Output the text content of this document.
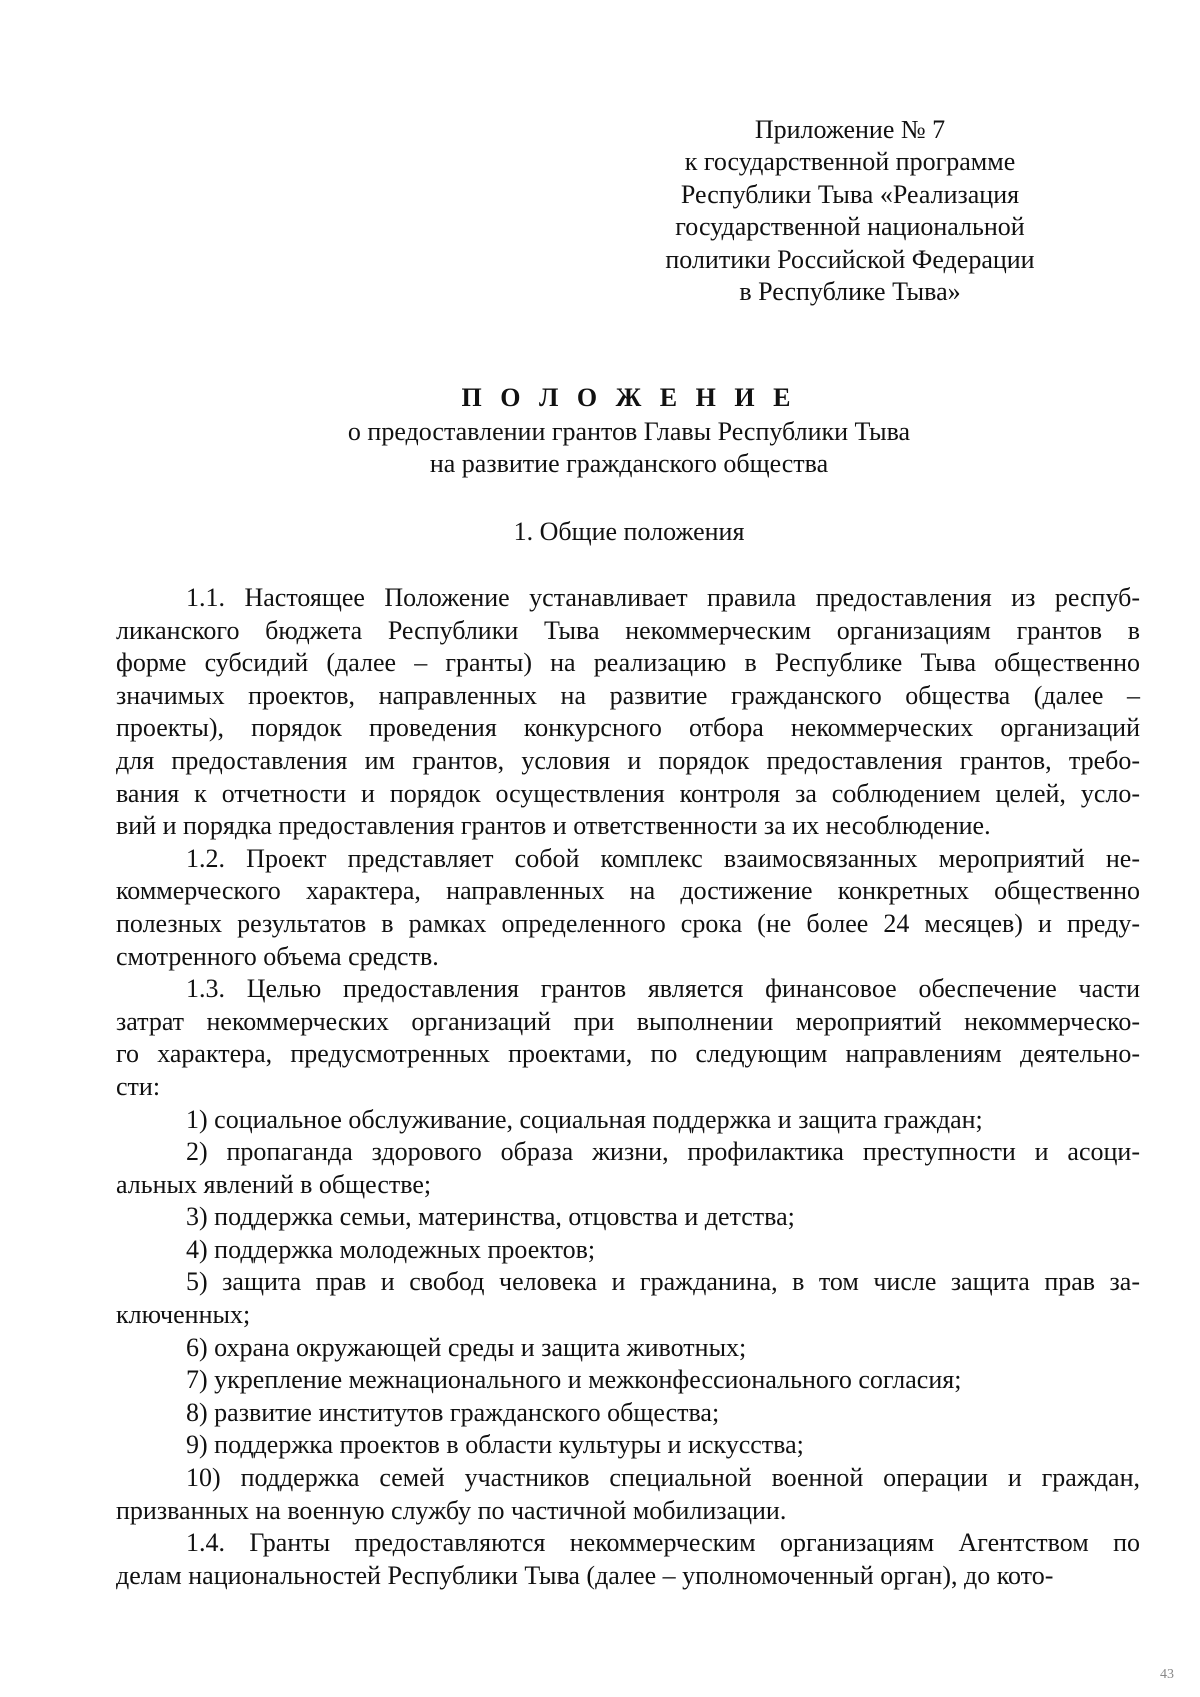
Приложение № 7
к государственной программе
Республики Тыва «Реализация
государственной национальной
политики Российской Федерации
в Республике Тыва»
П О Л О Ж Е Н И Е
о предоставлении грантов Главы Республики Тыва
на развитие гражданского общества
1. Общие положения
1.1. Настоящее Положение устанавливает правила предоставления из респуб-
ликанского бюджета Республики Тыва некоммерческим организациям грантов в
форме субсидий (далее – гранты) на реализацию в Республике Тыва общественно
значимых проектов, направленных на развитие гражданского общества (далее –
проекты), порядок проведения конкурсного отбора некоммерческих организаций
для предоставления им грантов, условия и порядок предоставления грантов, требо-
вания к отчетности и порядок осуществления контроля за соблюдением целей, усло-
вий и порядка предоставления грантов и ответственности за их несоблюдение.
1.2. Проект представляет собой комплекс взаимосвязанных мероприятий не-
коммерческого характера, направленных на достижение конкретных общественно
полезных результатов в рамках определенного срока (не более 24 месяцев) и преду-
смотренного объема средств.
1.3. Целью предоставления грантов является финансовое обеспечение части
затрат некоммерческих организаций при выполнении мероприятий некоммерческо-
го характера, предусмотренных проектами, по следующим направлениям деятельно-
сти:
1) социальное обслуживание, социальная поддержка и защита граждан;
2) пропаганда здорового образа жизни, профилактика преступности и асоци-
альных явлений в обществе;
3) поддержка семьи, материнства, отцовства и детства;
4) поддержка молодежных проектов;
5) защита прав и свобод человека и гражданина, в том числе защита прав за-
ключенных;
6) охрана окружающей среды и защита животных;
7) укрепление межнационального и межконфессионального согласия;
8) развитие институтов гражданского общества;
9) поддержка проектов в области культуры и искусства;
10) поддержка семей участников специальной военной операции и граждан,
призванных на военную службу по частичной мобилизации.
1.4. Гранты предоставляются некоммерческим организациям Агентством по
делам национальностей Республики Тыва (далее – уполномоченный орган), до кото-
43
